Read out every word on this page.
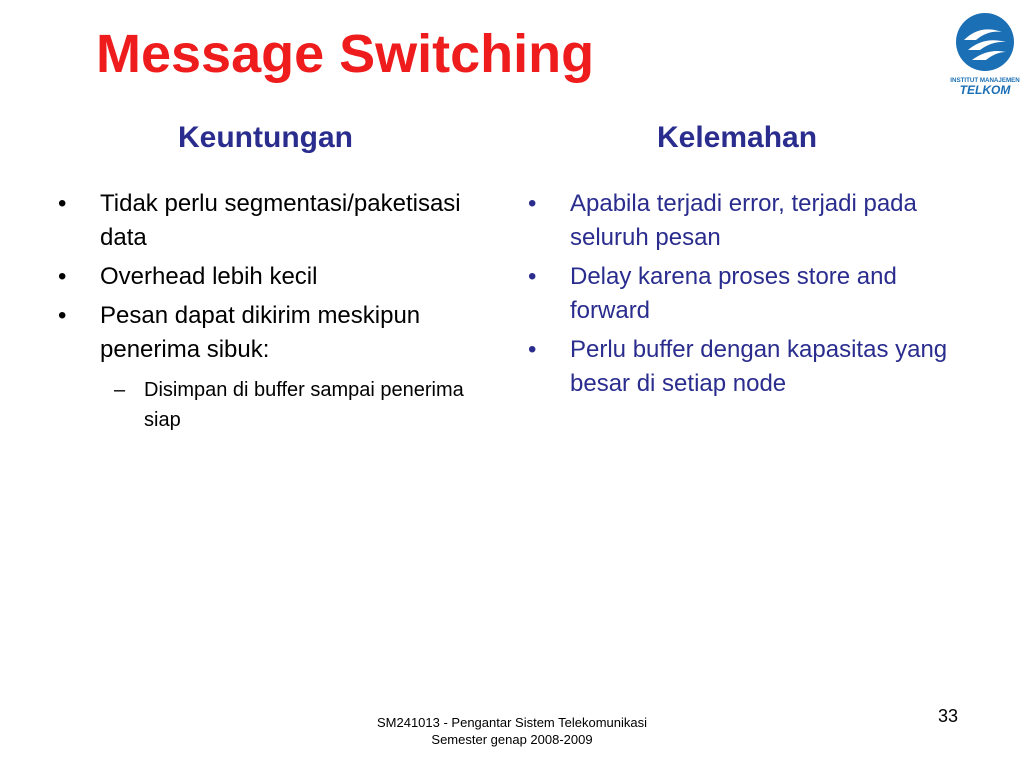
Message Switching	INSTITUT MANAJEMEN
TELKOM
Keuntungan	Kelemahan
• Tidak perlu segmentasi/paketisasi data
• Overhead lebih kecil
• Pesan dapat dikirim meskipun penerima sibuk:
– Disimpan di buffer sampai penerima siap
• Apabila terjadi error, terjadi pada seluruh pesan
• Delay karena proses store and forward
• Perlu buffer dengan kapasitas yang besar di setiap node
SM241013 - Pengantar Sistem Telekomunikasi
Semester genap 2008-2009
33
